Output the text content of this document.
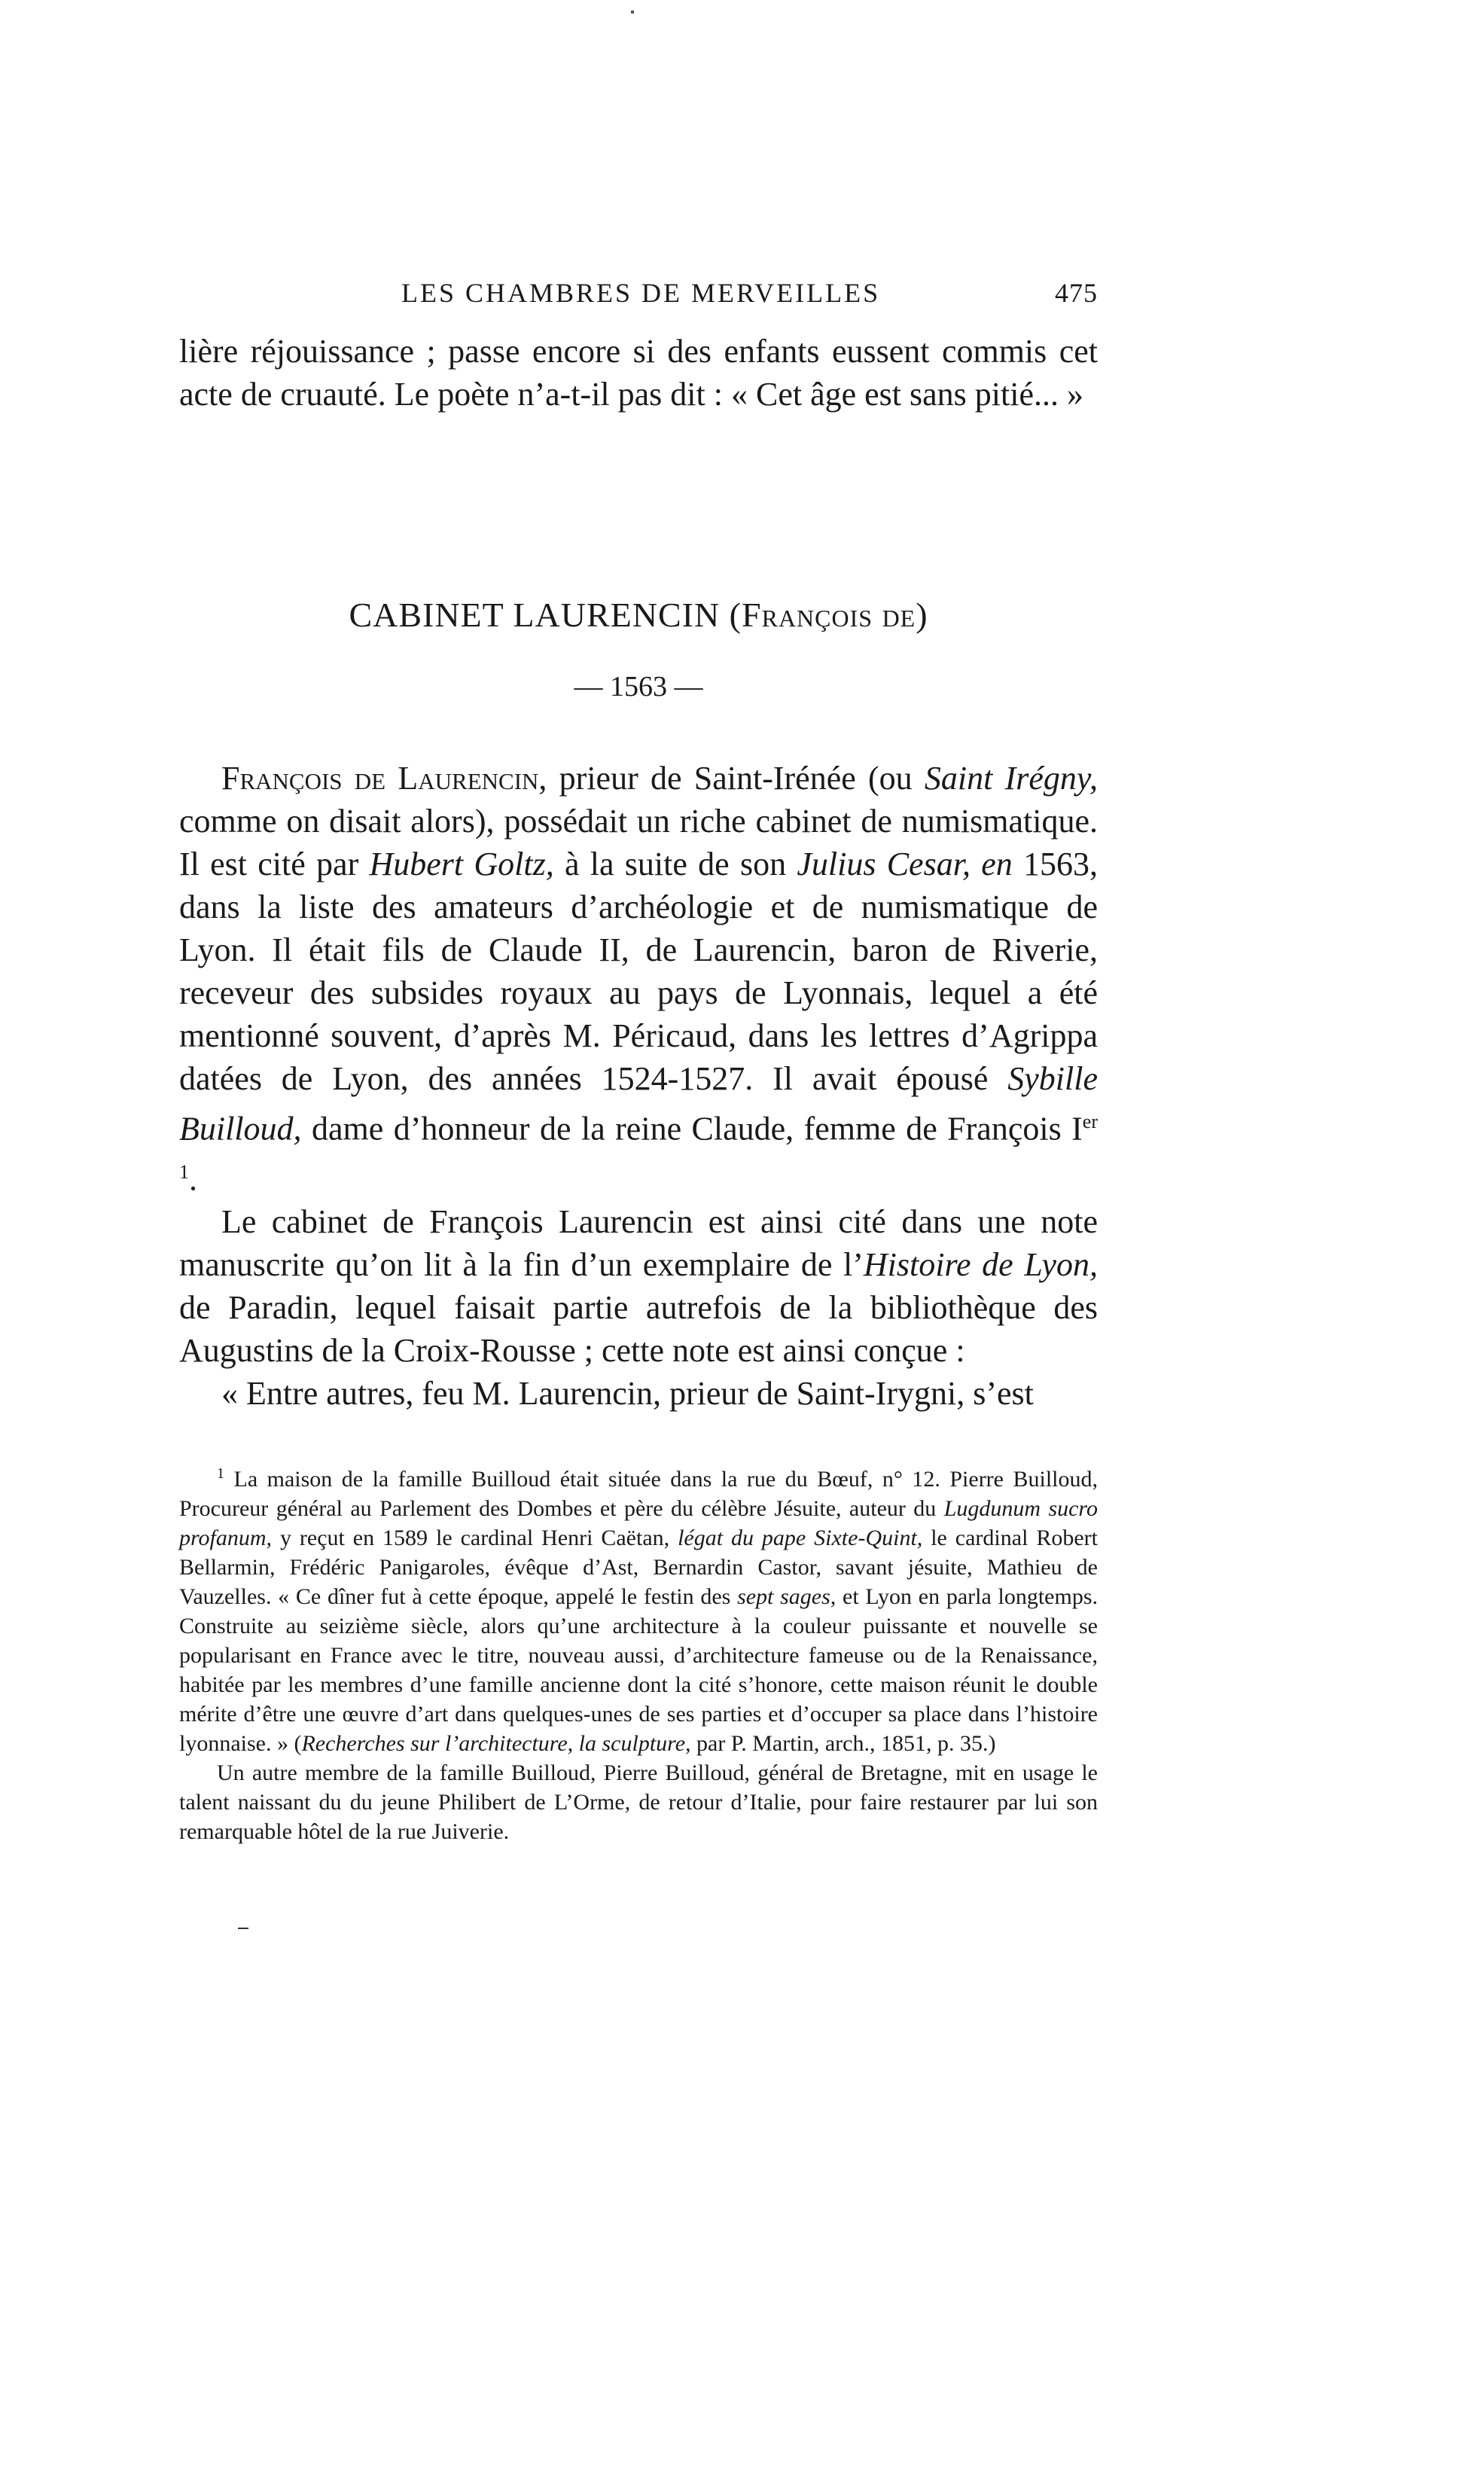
LES CHAMBRES DE MERVEILLES	475

lière réjouissance ; passe encore si des enfants eussent commis cet acte de cruauté. Le poète n’a-t-il pas dit : « Cet âge est sans pitié... »

CABINET LAURENCIN (François de)
— 1563 —

François de Laurencin, prieur de Saint-Irénée (ou Saint Irégny, comme on disait alors), possédait un riche cabinet de numismatique. Il est cité par Hubert Goltz, à la suite de son Julius Cesar, en 1563, dans la liste des amateurs d’archéologie et de numismatique de Lyon. Il était fils de Claude II, de Laurencin, baron de Riverie, receveur des subsides royaux au pays de Lyonnais, lequel a été mentionné souvent, d’après M. Péricaud, dans les lettres d’Agrippa datées de Lyon, des années 1524-1527. Il avait épousé Sybille Builloud, dame d’honneur de la reine Claude, femme de François Ier $^1$.

Le cabinet de François Laurencin est ainsi cité dans une note manuscrite qu’on lit à la fin d’un exemplaire de l’Histoire de Lyon, de Paradin, lequel faisait partie autrefois de la bibliothèque des Augustins de la Croix-Rousse ; cette note est ainsi conçue :

« Entre autres, feu M. Laurencin, prieur de Saint-Irygni, s’est

$^1$ La maison de la famille Builloud était située dans la rue du Bœuf, n° 12. Pierre Builloud, Procureur général au Parlement des Dombes et père du célèbre Jésuite, auteur du Lugdunum sucro profanum, y reçut en 1589 le cardinal Henri Caëtan, légat du pape Sixte-Quint, le cardinal Robert Bellarmin, Frédéric Panigaroles, évêque d’Ast, Bernardin Castor, savant jésuite, Mathieu de Vauzelles. « Ce dîner fut à cette époque, appelé le festin des sept sages, et Lyon en parla longtemps. Construite au seizième siècle, alors qu’une architecture à la couleur puissante et nouvelle se popularisant en France avec le titre, nouveau aussi, d’architecture fameuse ou de la Renaissance, habitée par les membres d’une famille ancienne dont la cité s’honore, cette maison réunit le double mérite d’être une œuvre d’art dans quelques-unes de ses parties et d’occuper sa place dans l’histoire lyonnaise. » (Recherches sur l’architecture, la sculpture, par P. Martin, arch., 1851, p. 35.)

Un autre membre de la famille Builloud, Pierre Builloud, général de Bretagne, mit en usage le talent naissant du du jeune Philibert de L’Orme, de retour d’Italie, pour faire restaurer par lui son remarquable hôtel de la rue Juiverie.
